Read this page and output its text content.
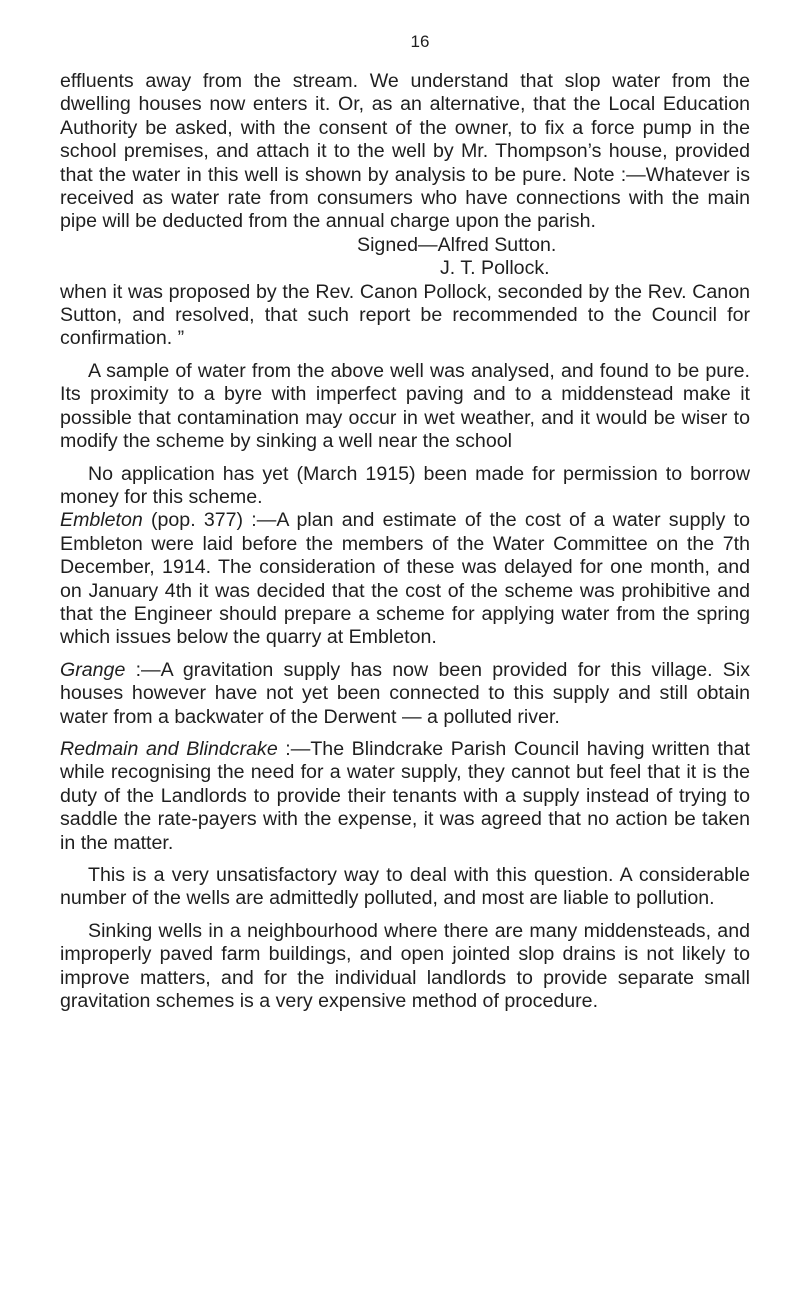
16

effluents away from the stream. We understand that slop water from the dwelling houses now enters it. Or, as an alternative, that the Local Education Authority be asked, with the consent of the owner, to fix a force pump in the school premises, and attach it to the well by Mr. Thompson’s house, provided that the water in this well is shown by analysis to be pure. Note :—Whatever is received as water rate from consumers who have connections with the main pipe will be deducted from the annual charge upon the parish.

Signed—Alfred Sutton.
J. T. Pollock.

when it was proposed by the Rev. Canon Pollock, seconded by the Rev. Canon Sutton, and resolved, that such report be recommended to the Council for confirmation. ”

A sample of water from the above well was analysed, and found to be pure. Its proximity to a byre with imperfect paving and to a middenstead make it possible that contamination may occur in wet weather, and it would be wiser to modify the scheme by sinking a well near the school

No application has yet (March 1915) been made for permission to borrow money for this scheme.

Embleton (pop. 377) :—A plan and estimate of the cost of a water supply to Embleton were laid before the members of the Water Committee on the 7th December, 1914. The consideration of these was delayed for one month, and on January 4th it was decided that the cost of the scheme was prohibitive and that the Engineer should prepare a scheme for applying water from the spring which issues below the quarry at Embleton.

Grange :—A gravitation supply has now been provided for this village. Six houses however have not yet been connected to this supply and still obtain water from a backwater of the Derwent — a polluted river.

Redmain and Blindcrake :—The Blindcrake Parish Council having written that while recognising the need for a water supply, they cannot but feel that it is the duty of the Landlords to provide their tenants with a supply instead of trying to saddle the rate-payers with the expense, it was agreed that no action be taken in the matter.

This is a very unsatisfactory way to deal with this question. A considerable number of the wells are admittedly polluted, and most are liable to pollution.

Sinking wells in a neighbourhood where there are many middensteads, and improperly paved farm buildings, and open jointed slop drains is not likely to improve matters, and for the individual landlords to provide separate small gravitation schemes is a very expensive method of procedure.
